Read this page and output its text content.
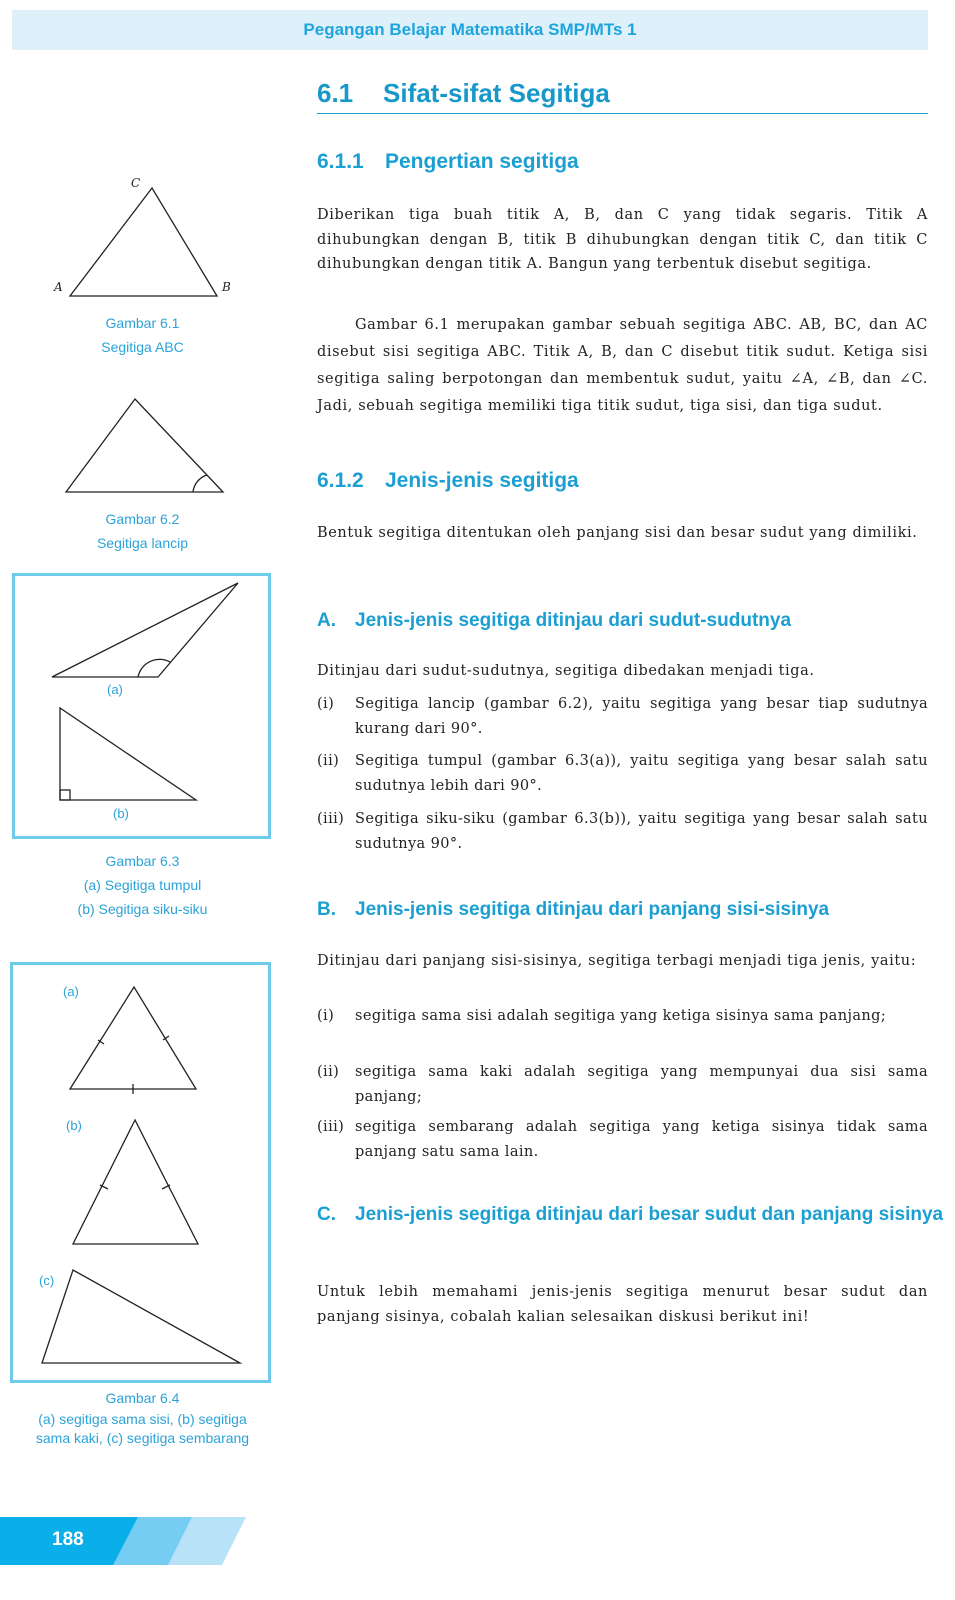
Pegangan Belajar Matematika SMP/MTs 1
6.1 Sifat-sifat Segitiga
6.1.1 Pengertian segitiga
Diberikan tiga buah titik A, B, dan C yang tidak segaris. Titik A dihubungkan dengan B, titik B dihubungkan dengan titik C, dan titik C dihubungkan dengan titik A. Bangun yang terbentuk disebut segitiga.
Gambar 6.1 merupakan gambar sebuah segitiga ABC. AB, BC, dan AC disebut sisi segitiga ABC. Titik A, B, dan C disebut titik sudut. Ketiga sisi segitiga saling berpotongan dan membentuk sudut, yaitu ∠A, ∠B, dan ∠C. Jadi, sebuah segitiga memiliki tiga titik sudut, tiga sisi, dan tiga sudut.
6.1.2 Jenis-jenis segitiga
Bentuk segitiga ditentukan oleh panjang sisi dan besar sudut yang dimiliki.
A. Jenis-jenis segitiga ditinjau dari sudut-sudutnya
Ditinjau dari sudut-sudutnya, segitiga dibedakan menjadi tiga.
(i) Segitiga lancip (gambar 6.2), yaitu segitiga yang besar tiap sudutnya kurang dari 90°.
(ii) Segitiga tumpul (gambar 6.3(a)), yaitu segitiga yang besar salah satu sudutnya lebih dari 90°.
(iii) Segitiga siku-siku (gambar 6.3(b)), yaitu segitiga yang besar salah satu sudutnya 90°.
B. Jenis-jenis segitiga ditinjau dari panjang sisi-sisinya
Ditinjau dari panjang sisi-sisinya, segitiga terbagi menjadi tiga jenis, yaitu:
(i) segitiga sama sisi adalah segitiga yang ketiga sisinya sama panjang;
(ii) segitiga sama kaki adalah segitiga yang mempunyai dua sisi sama panjang;
(iii) segitiga sembarang adalah segitiga yang ketiga sisinya tidak sama panjang satu sama lain.
C. Jenis-jenis segitiga ditinjau dari besar sudut dan panjang sisinya
Untuk lebih memahami jenis-jenis segitiga menurut besar sudut dan panjang sisinya, cobalah kalian selesaikan diskusi berikut ini!
C
A	B
Gambar 6.1
Segitiga ABC
Gambar 6.2
Segitiga lancip
(a)
(b)
Gambar 6.3
(a) Segitiga tumpul
(b) Segitiga siku-siku
(a)
(b)
(c)
Gambar 6.4
(a) segitiga sama sisi, (b) segitiga
sama kaki, (c) segitiga sembarang
188
